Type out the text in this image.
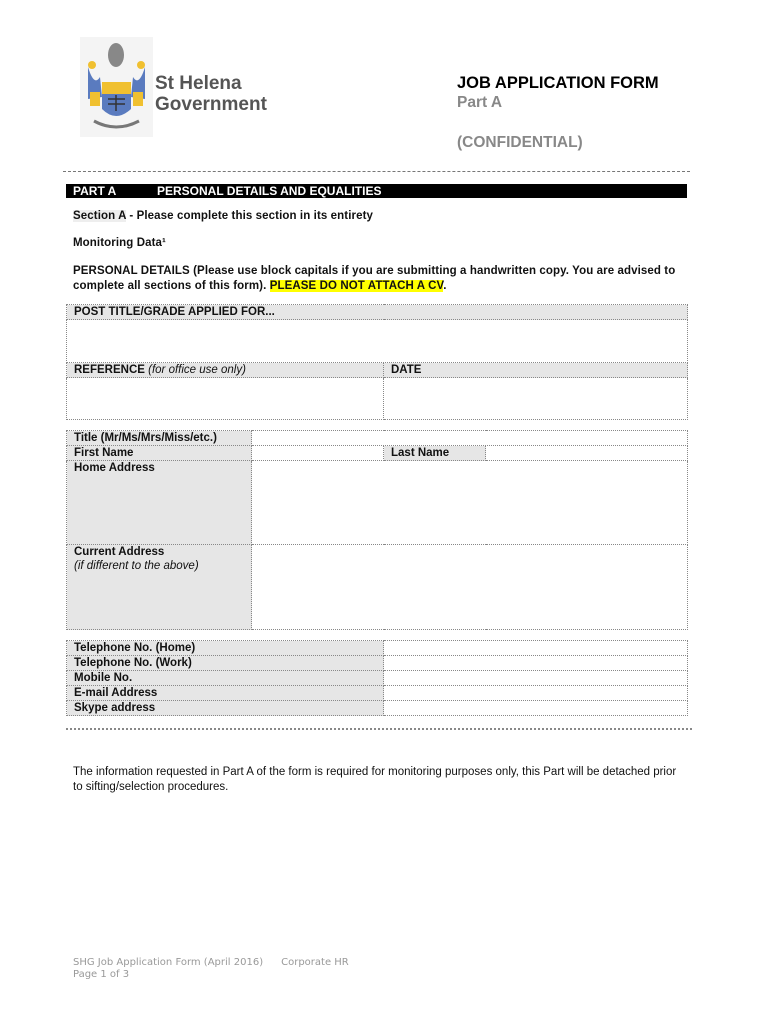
St Helena
Government
JOB APPLICATION FORM
Part A
(CONFIDENTIAL)
PART A	PERSONAL DETAILS AND EQUALITIES
Section A - Please complete this section in its entirety
Monitoring Data¹
PERSONAL DETAILS (Please use block capitals if you are submitting a handwritten copy. You are advised to complete all sections of this form). PLEASE DO NOT ATTACH A CV.
POST TITLE/GRADE APPLIED FOR...	

REFERENCE (for office use only)	DATE

Title (Mr/Ms/Mrs/Miss/etc.)			
First Name		Last Name	
Home Address			

Current Address
(if different to the above)			

Telephone No. (Home)	
Telephone No. (Work)	
Mobile No.	
E-mail Address	
Skype address	
The information requested in Part A of the form is required for monitoring purposes only, this Part will be detached prior to sifting/selection procedures.
SHG Job Application Form (April 2016) Corporate HR
Page 1 of 3
